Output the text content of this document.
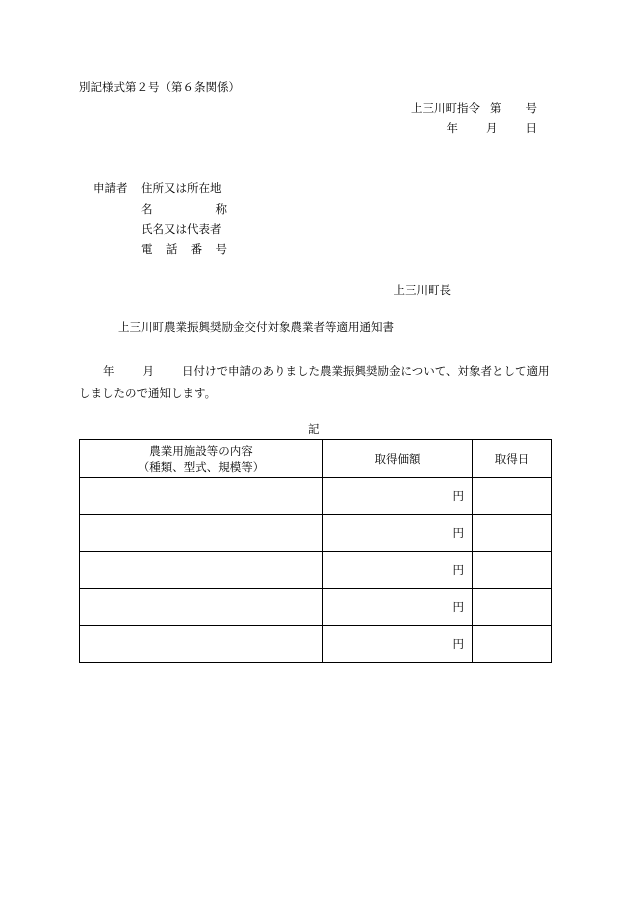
別記様式第２号（第６条関係）
上三川町指令 第 号
年 月 日
申請者 住所又は所在地
名	称
氏名又は代表者
電 話 番 号
上三川町長
上三川町農業振興奨励金交付対象農業者等適用通知書
年 月 日付けで申請のありました農業振興奨励金について、対象者として適用しましたので通知します。
記
農業用施設等の内容
（種類、型式、規模等）	取得価額	取得日
	円	
	円	
	円	
	円	
	円	
